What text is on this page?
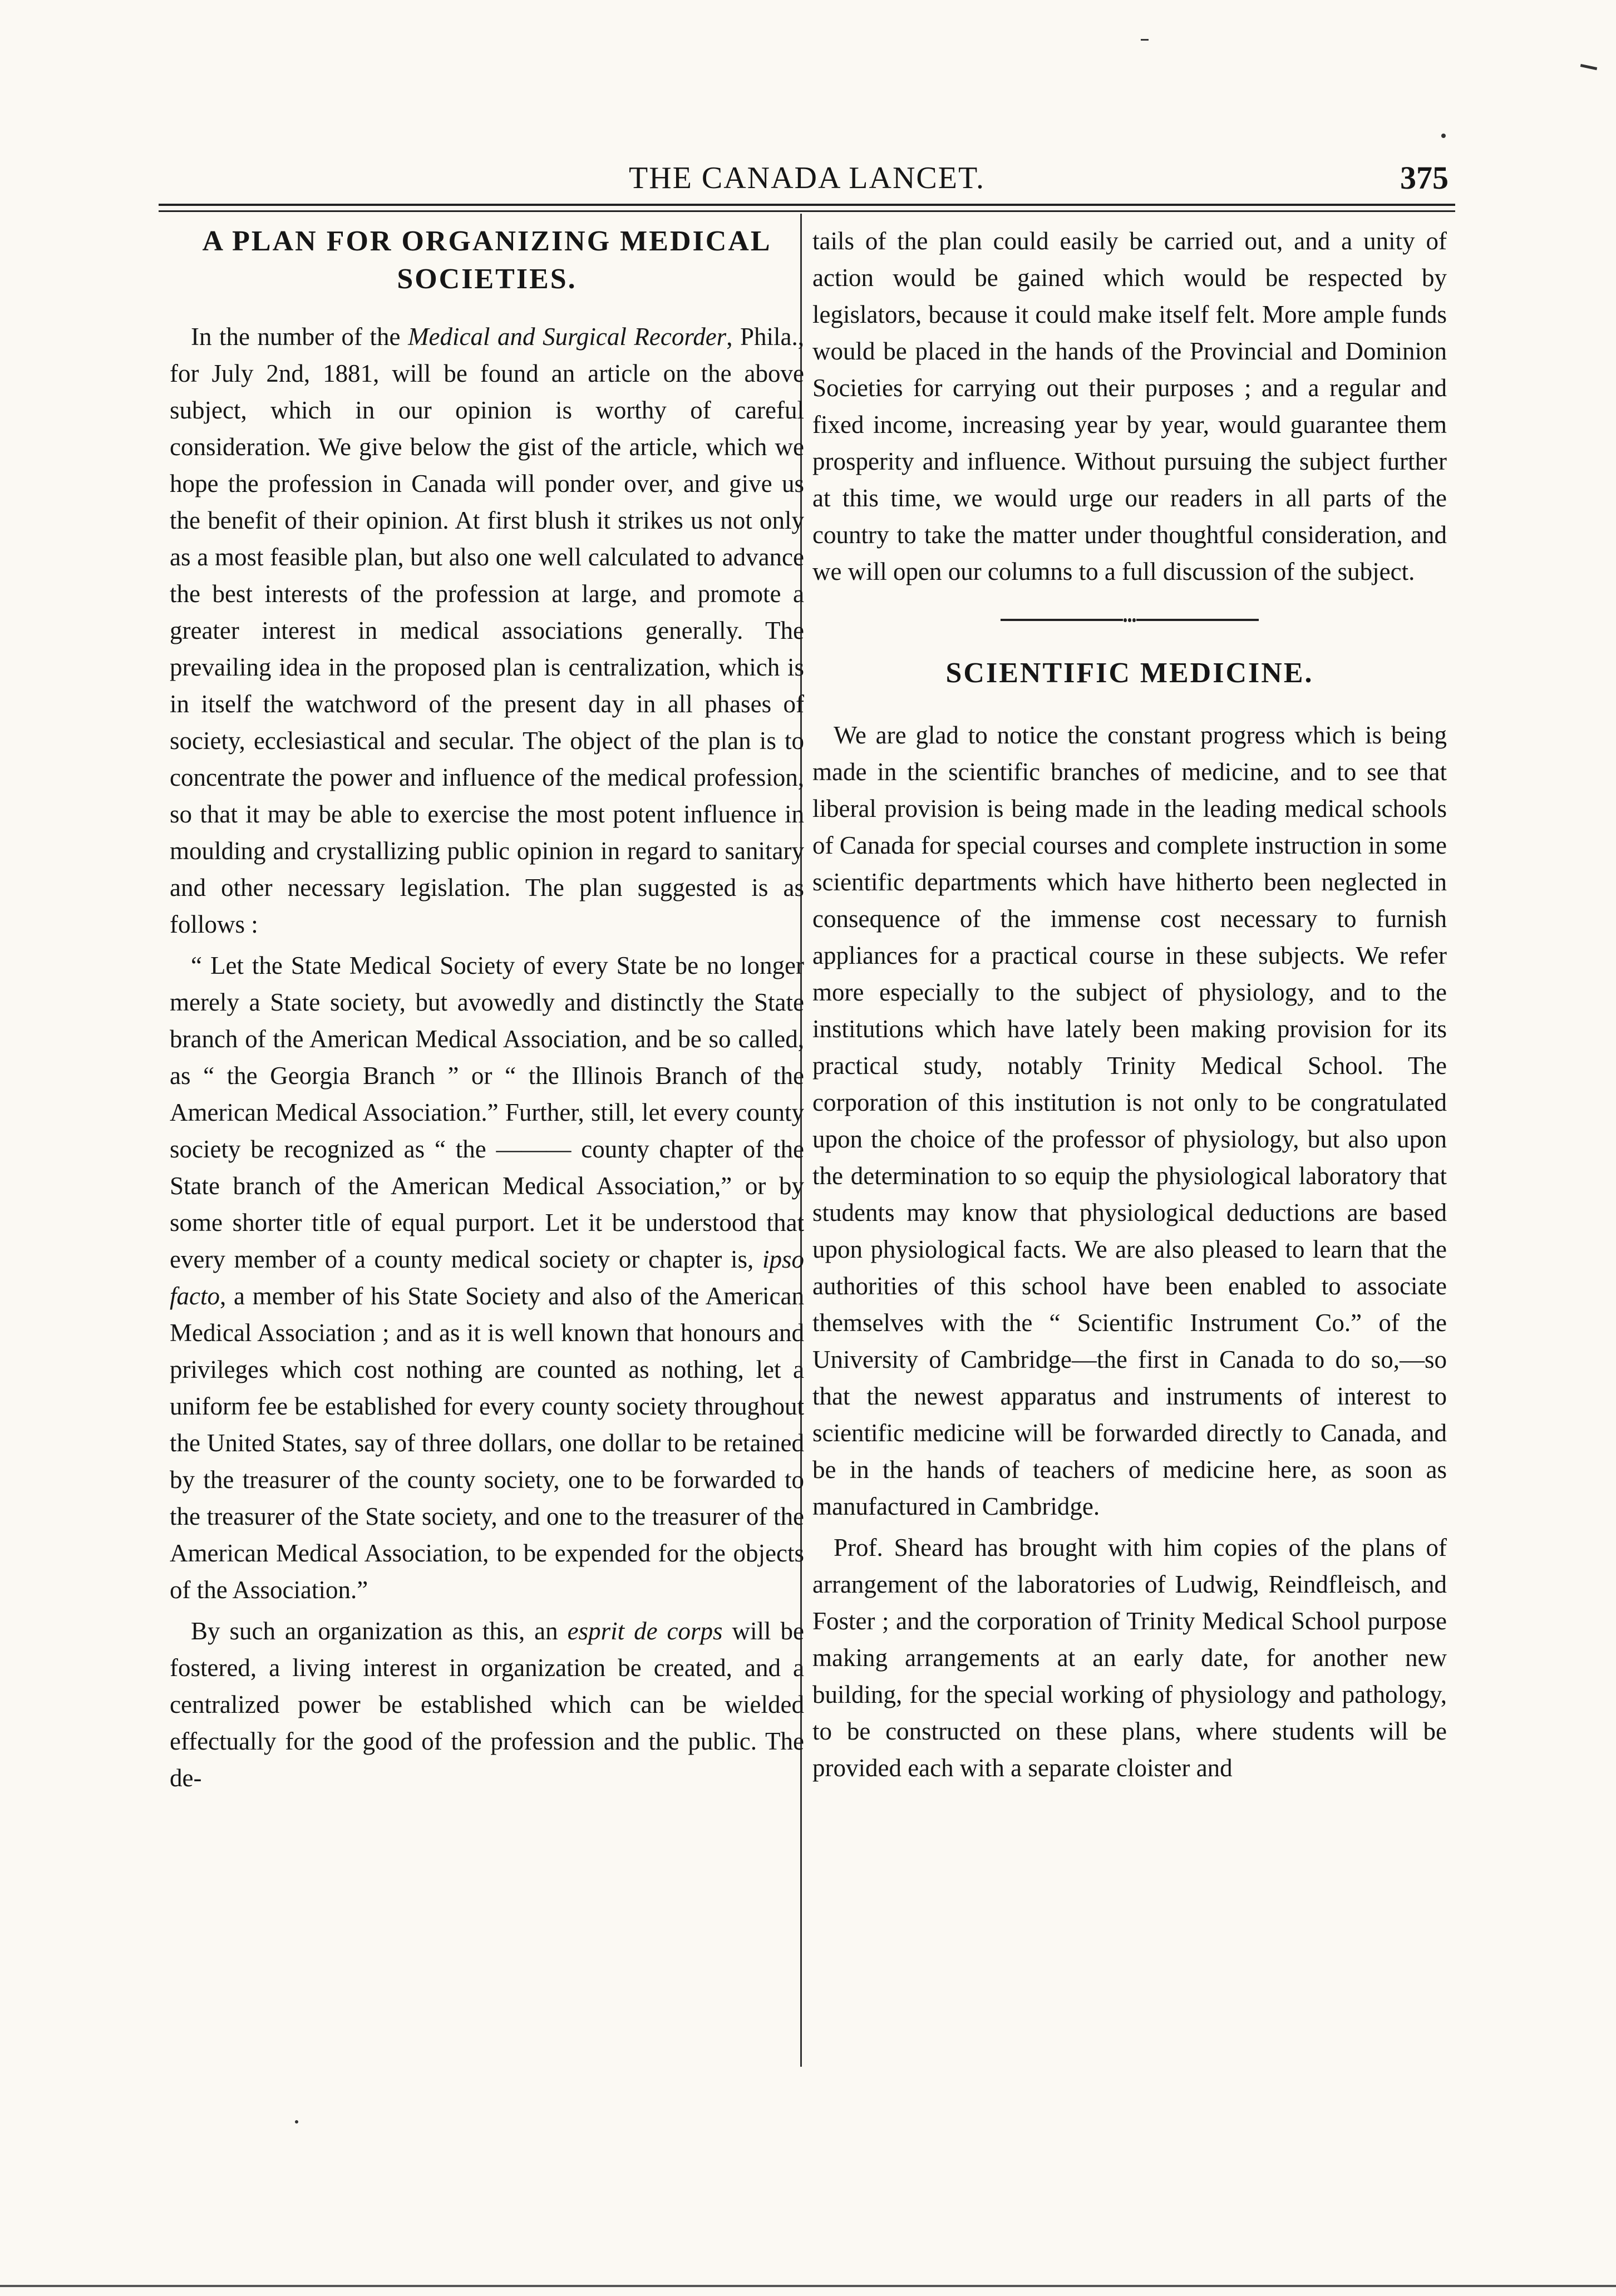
THE CANADA LANCET.	375
A PLAN FOR ORGANIZING MEDICAL
SOCIETIES.

In the number of the Medical and Surgical Recorder, Phila., for July 2nd, 1881, will be found an article on the above subject, which in our opinion is worthy of careful consideration. We give below the gist of the article, which we hope the profession in Canada will ponder over, and give us the benefit of their opinion. At first blush it strikes us not only as a most feasible plan, but also one well calculated to advance the best interests of the profession at large, and promote a greater interest in medical associations generally. The prevailing idea in the proposed plan is centralization, which is in itself the watchword of the present day in all phases of society, ecclesiastical and secular. The object of the plan is to concentrate the power and influence of the medical profession, so that it may be able to exercise the most potent influence in moulding and crystallizing public opinion in regard to sanitary and other necessary legislation. The plan suggested is as follows :

“ Let the State Medical Society of every State be no longer merely a State society, but avowedly and distinctly the State branch of the American Medical Association, and be so called, as “ the Georgia Branch ” or “ the Illinois Branch of the American Medical Association.” Further, still, let every county society be recognized as “ the ——— county chapter of the State branch of the American Medical Association,” or by some shorter title of equal purport. Let it be understood that every member of a county medical society or chapter is, ipso facto, a member of his State Society and also of the American Medical Association ; and as it is well known that honours and privileges which cost nothing are counted as nothing, let a uniform fee be established for every county society throughout the United States, say of three dollars, one dollar to be retained by the treasurer of the county society, one to be forwarded to the treasurer of the State society, and one to the treasurer of the American Medical Association, to be expended for the objects of the Association.”

By such an organization as this, an esprit de corps will be fostered, a living interest in organization be created, and a centralized power be established which can be wielded effectually for the good of the profession and the public. The de-

tails of the plan could easily be carried out, and a unity of action would be gained which would be respected by legislators, because it could make itself felt. More ample funds would be placed in the hands of the Provincial and Dominion Societies for carrying out their purposes ; and a regular and fixed income, increasing year by year, would guarantee them prosperity and influence. Without pursuing the subject further at this time, we would urge our readers in all parts of the country to take the matter under thoughtful consideration, and we will open our columns to a full discussion of the subject.

SCIENTIFIC MEDICINE.

We are glad to notice the constant progress which is being made in the scientific branches of medicine, and to see that liberal provision is being made in the leading medical schools of Canada for special courses and complete instruction in some scientific departments which have hitherto been neglected in consequence of the immense cost necessary to furnish appliances for a practical course in these subjects. We refer more especially to the subject of physiology, and to the institutions which have lately been making provision for its practical study, notably Trinity Medical School. The corporation of this institution is not only to be congratulated upon the choice of the professor of physiology, but also upon the determination to so equip the physiological laboratory that students may know that physiological deductions are based upon physiological facts. We are also pleased to learn that the authorities of this school have been enabled to associate themselves with the “ Scientific Instrument Co.” of the University of Cambridge—the first in Canada to do so,—so that the newest apparatus and instruments of interest to scientific medicine will be forwarded directly to Canada, and be in the hands of teachers of medicine here, as soon as manufactured in Cambridge.

Prof. Sheard has brought with him copies of the plans of arrangement of the laboratories of Ludwig, Reindfleisch, and Foster ; and the corporation of Trinity Medical School purpose making arrangements at an early date, for another new building, for the special working of physiology and pathology, to be constructed on these plans, where students will be provided each with a separate cloister and
